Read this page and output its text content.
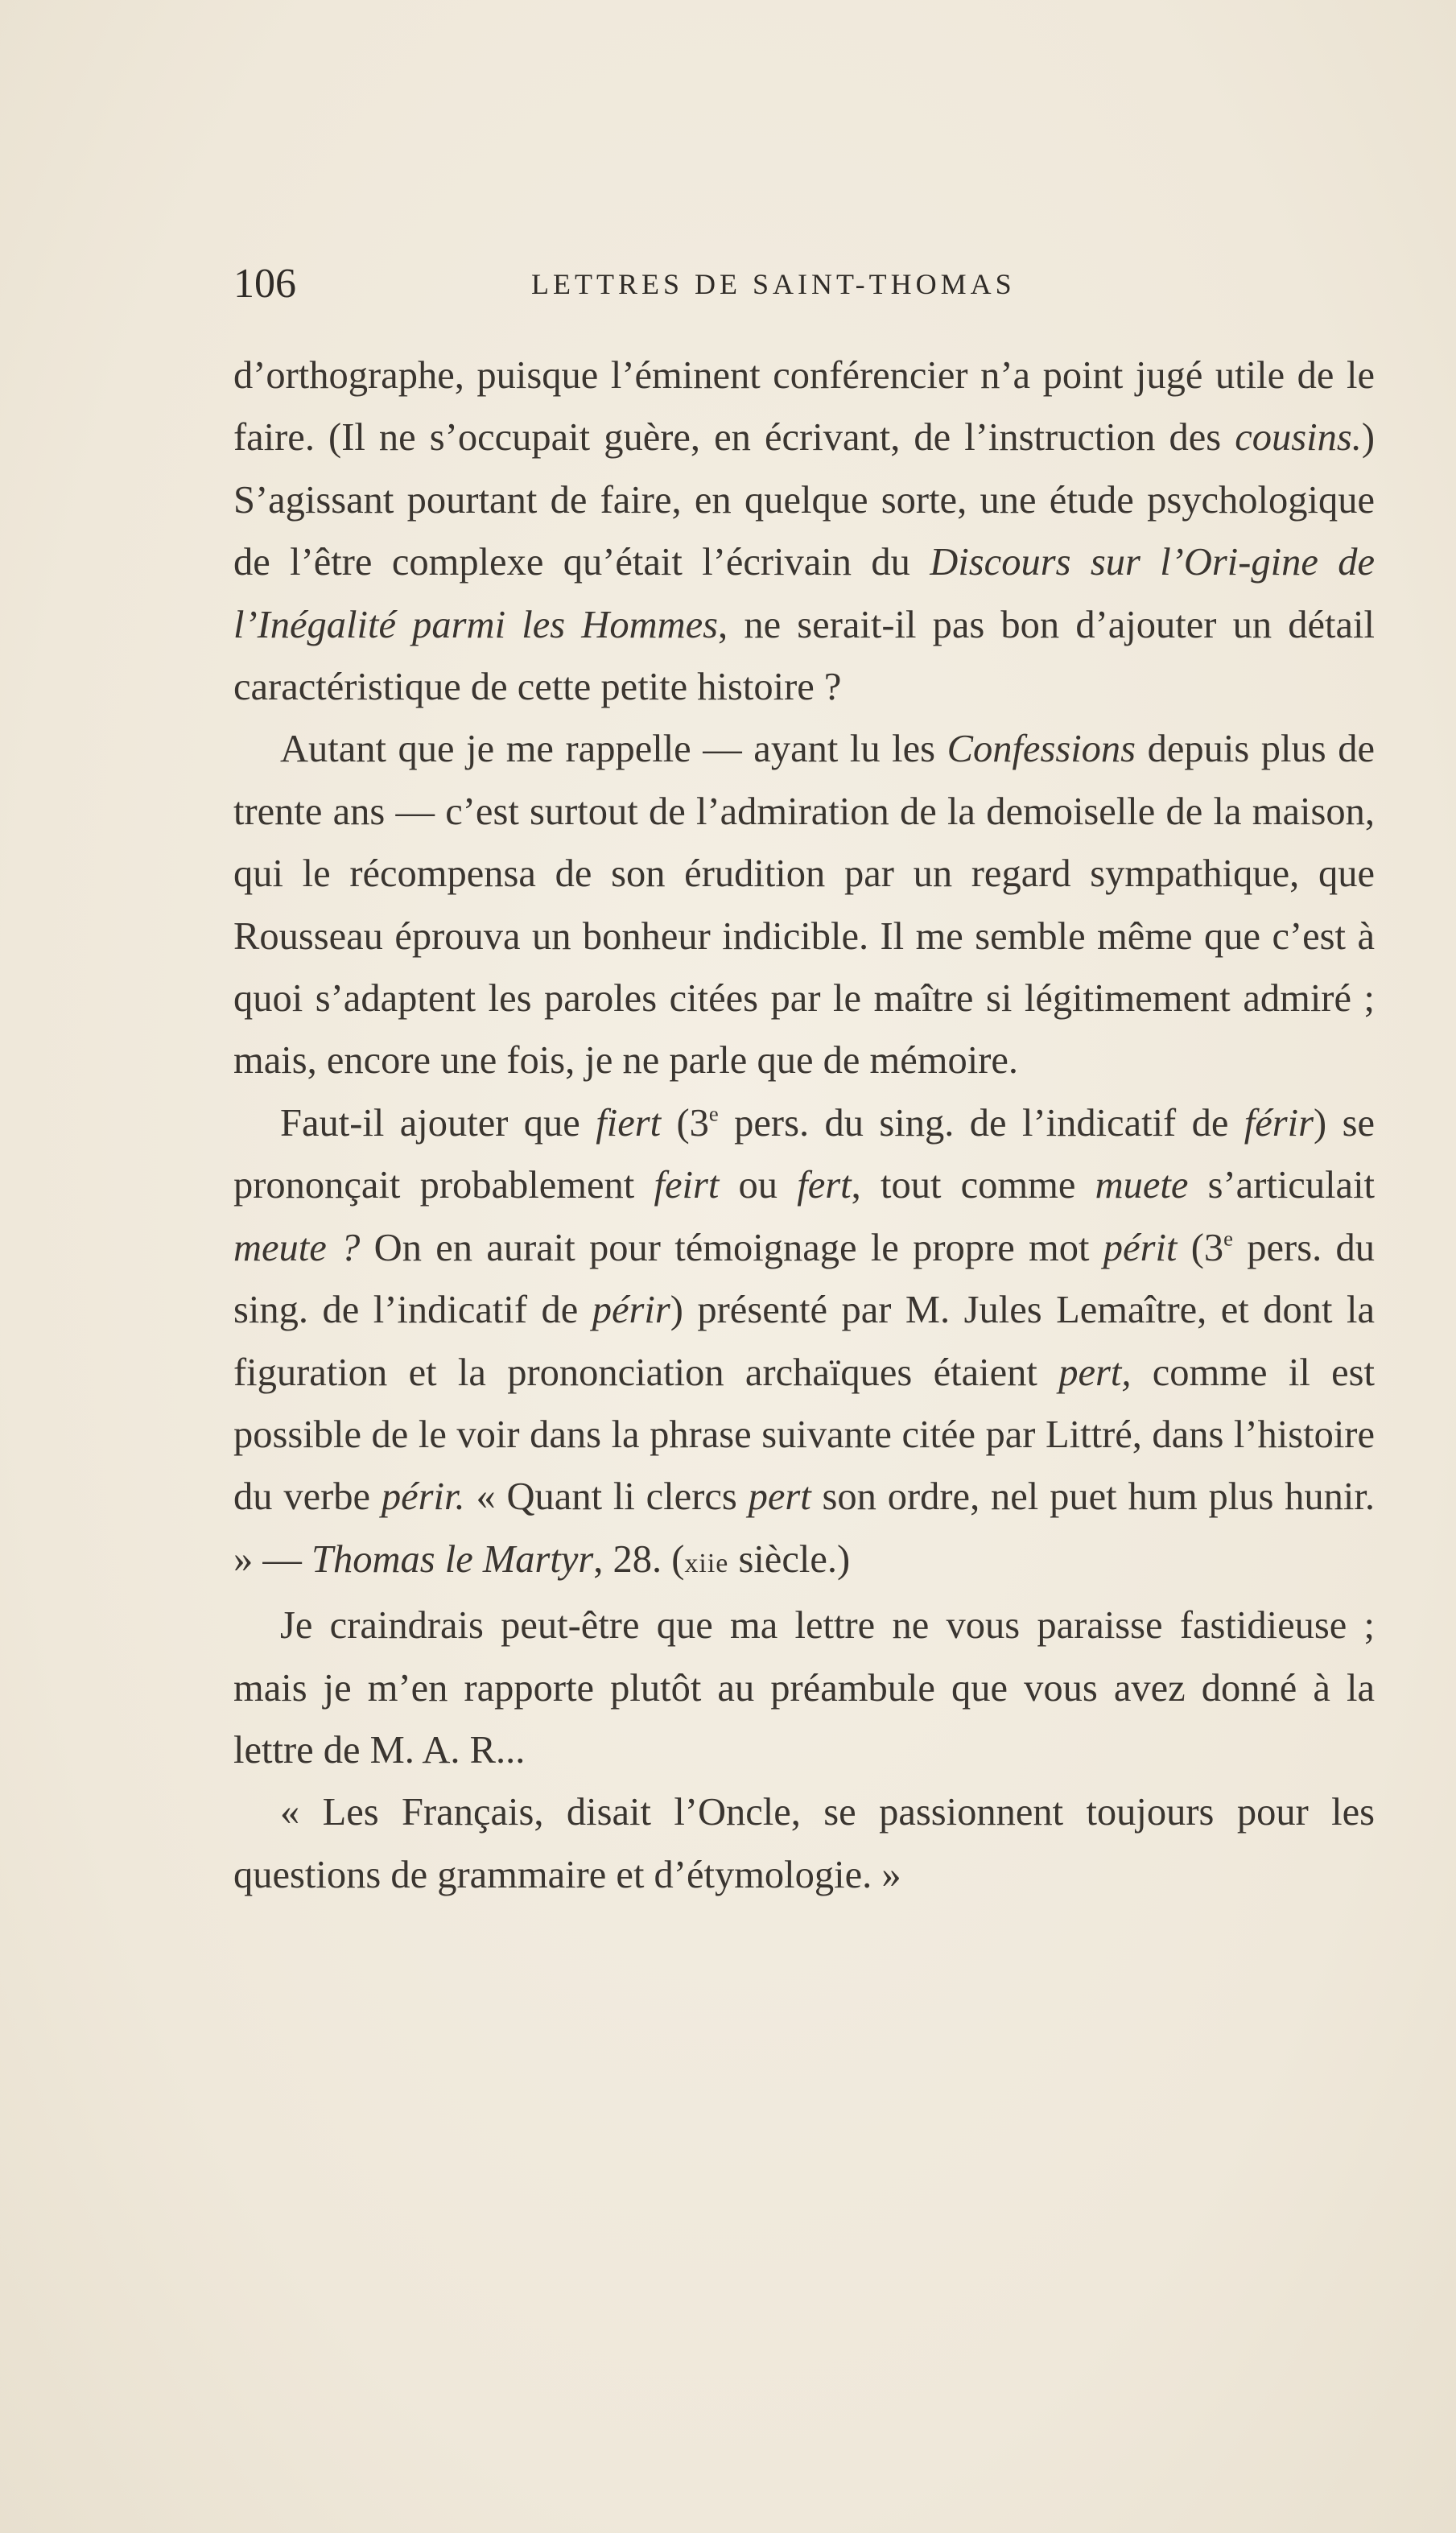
106	LETTRES DE SAINT-THOMAS

d’orthographe, puisque l’éminent conférencier n’a point jugé utile de le faire. (Il ne s’occupait guère, en écrivant, de l’instruction des cousins.) S’agissant pourtant de faire, en quelque sorte, une étude psychologique de l’être complexe qu’était l’écrivain du Discours sur l’Ori-gine de l’Inégalité parmi les Hommes, ne serait-il pas bon d’ajouter un détail caractéristique de cette petite histoire ?

Autant que je me rappelle — ayant lu les Confessions depuis plus de trente ans — c’est surtout de l’admiration de la demoiselle de la maison, qui le récompensa de son érudition par un regard sympathique, que Rousseau éprouva un bonheur indicible. Il me semble même que c’est à quoi s’adaptent les paroles citées par le maître si légitimement admiré ; mais, encore une fois, je ne parle que de mémoire.

Faut-il ajouter que fiert (3e pers. du sing. de l’indicatif de férir) se prononçait probablement feirt ou fert, tout comme muete s’articulait meute ? On en aurait pour témoignage le propre mot périt (3e pers. du sing. de l’indicatif de périr) présenté par M. Jules Lemaître, et dont la figuration et la prononciation archaïques étaient pert, comme il est possible de le voir dans la phrase suivante citée par Littré, dans l’histoire du verbe périr. « Quant li clercs pert son ordre, nel puet hum plus hunir. » — Thomas le Martyr, 28. (xiie siècle.)

Je craindrais peut-être que ma lettre ne vous paraisse fastidieuse ; mais je m’en rapporte plutôt au préambule que vous avez donné à la lettre de M. A. R...

« Les Français, disait l’Oncle, se passionnent toujours pour les questions de grammaire et d’étymologie. »
